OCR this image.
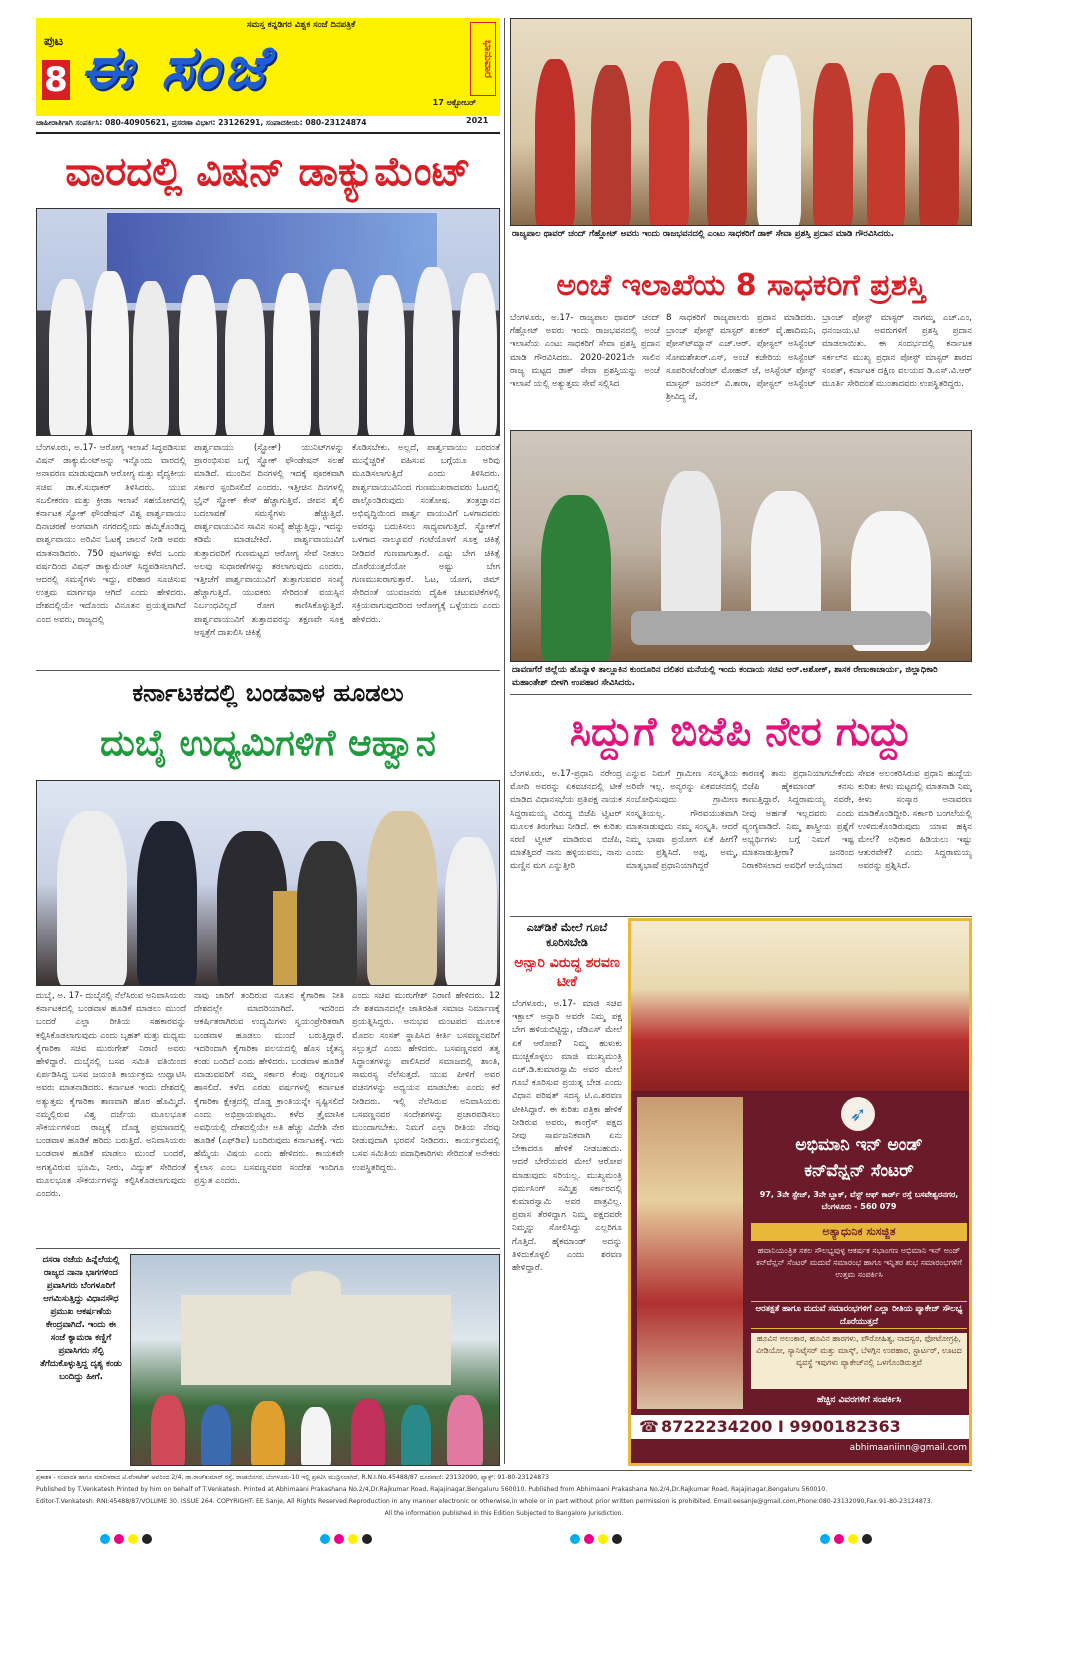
ಸಮಸ್ತ ಕನ್ನಡಿಗರ ವಿಶ್ವಕ ಸಂಜೆ ದಿನಪತ್ರಿಕೆ
ಪುಟ
8 ಈ ಸಂಜೆ	ಭಾನುವಾರ
17 ಅಕ್ಟೋಬರ್
2021
ಜಾಹೀರಾತಿಗಾಗಿ ಸಂಪರ್ಕಿಸಿ: 080-40905621, ಪ್ರಸರಣಾ ವಿಭಾಗ: 23126291, ಸಂಪಾದಕೀಯ: 080-23124874
ವಾರದಲ್ಲಿ ವಿಷನ್ ಡಾಕ್ಯುಮೆಂಟ್
ಬೆಂಗಳೂರು, ಅ.17- ಆರೋಗ್ಯ ಇಲಾಖೆ ಸಿದ್ಧಪಡಿಸುವ ವಿಷನ್ ಡಾಕ್ಯುಮೆಂಟ್‍ಅನ್ನು ಇನ್ನೊಂದು ವಾರದಲ್ಲಿ ಅನಾವರಣ ಮಾಡುವುದಾಗಿ ಆರೋಗ್ಯ ಮತ್ತು ವೈದ್ಯಕೀಯ ಸಚಿವ ಡಾ.ಕೆ.ಸುಧಾಕರ್ ತಿಳಿಸಿದರು. ಯುವ ಸಬಲೀಕರಣ ಮತ್ತು ಕ್ರೀಡಾ ಇಲಾಖೆ ಸಹಯೋಗದಲ್ಲಿ ಕರ್ನಾಟಕ ಸ್ಟ್ರೋಕ್ ಫೌಂಡೇಷನ್ ವಿಶ್ವ ಪಾರ್ಶ್ವವಾಯು ದಿನಾಚರಣೆ ಅಂಗವಾಗಿ ನಗರದಲ್ಲಿಂದು ಹಮ್ಮಿಕೊಂಡಿದ್ದ ಪಾರ್ಶ್ವವಾಯು ಅರಿವಿನ ಓಟಕ್ಕೆ ಚಾಲನೆ ನೀಡಿ ಅವರು ಮಾತನಾಡಿದರು. 750 ಪುಟಗಳಷ್ಟು ಕಳೆದ ಒಂದು ವರ್ಷದಿಂದ ವಿಷನ್ ಡಾಕ್ಯುಮೆಂಟ್ ಸಿದ್ಧಪಡಿಸಲಾಗಿದೆ. ಆದರಲ್ಲಿ ಸಮಸ್ಯೆಗಳು ಇದ್ದು, ಪರಿಹಾರ ಸೂಚಿಸುವ ಉತ್ತಮ ಮಾರ್ಗವೂ ಆಗಿದೆ ಎಂದು ಹೇಳಿದರು. ದೇಶದಲ್ಲಿಯೇ ಇದೊಂದು ವಿನೂತನ ಪ್ರಯತ್ನವಾಗಿದೆ ಎಂದ ಅವರು, ರಾಜ್ಯದಲ್ಲಿ
ಪಾರ್ಶ್ವವಾಯು (ಸ್ಟ್ರೋಕ್) ಯುನಿಟ್‍ಗಳನ್ನು ಪ್ರಾರಂಭಿಸುವ ಬಗ್ಗೆ ಸ್ಟ್ರೋಕ್ ಫೌಂಡೇಷನ್ ಸಲಹೆ ಮಾಡಿದೆ. ಮುಂದಿನ ದಿನಗಳಲ್ಲಿ ಇದಕ್ಕೆ ಪೂರಕವಾಗಿ ಸರ್ಕಾರ ಸ್ಪಂದಿಸಲಿದೆ ಎಂದರು. ಇತ್ತೀಚಿನ ದಿನಗಳಲ್ಲಿ ಬ್ರೈನ್ ಸ್ಟ್ರೋಕ್ ಕೇಸ್ ಹೆಚ್ಚಾಗುತ್ತಿವೆ. ಜೀವನ ಶೈಲಿ ಬದಲಾವಣೆ ಸಮಸ್ಯೆಗಳು ಹೆಚ್ಚುತ್ತಿದೆ. ಪಾರ್ಶ್ವವಾಯುವಿನ ಸಾವಿನ ಸಂಖ್ಯೆ ಹೆಚ್ಚುತ್ತಿದ್ದು, ಇದನ್ನು ಕಡಿಮೆ ಮಾಡಬೇಕಿದೆ. ಪಾರ್ಶ್ವವಾಯುವಿಗೆ ತುತ್ತಾದವರಿಗೆ ಗುಣಮಟ್ಟದ ಆರೋಗ್ಯ ಸೇವೆ ನೀಡಲು ಅಲವು ಸುಧಾರಣೆಗಳನ್ನು ತರಲಾಗುವುದು ಎಂದರು. ಇತ್ತೀಚೆಗೆ ಪಾರ್ಶ್ವವಾಯುವಿಗೆ ತುತ್ತಾಗುವವರ ಸಂಖ್ಯೆ ಹೆಚ್ಚಾಗುತ್ತಿದೆ. ಯುವಕರು ಸೇರಿದಂತೆ ವಯಸ್ಸಿನ ನಿರ್ಬಂಧವಿಲ್ಲದೆ ರೋಗ ಕಾಣಿಸಿಕೊಳ್ಳುತ್ತಿದೆ. ಪಾರ್ಶ್ವವಾಯುವಿಗೆ ತುತ್ತಾದವರನ್ನು ತಕ್ಷಣವೇ ಸೂಕ್ತ ಆಸ್ಪತ್ರೆಗೆ ದಾಖಲಿಸಿ ಚಿಕಿತ್ಸೆ
ಕೊಡಿಸಬೇಕು. ಅಲ್ಲದೆ, ಪಾರ್ಶ್ವವಾಯು ಬರದಂತೆ ಮುನ್ನೆಚ್ಚರಿಕೆ ವಹಿಸುವ ಬಗ್ಗೆಯೂ ಅರಿವು ಮೂಡಿಸಲಾಗುತ್ತಿದೆ ಎಂದು ತಿಳಿಸಿದರು. ಪಾರ್ಶ್ವವಾಯುವಿನಿಂದ ಗುಣಮುಖರಾದವರು ಓಟದಲ್ಲಿ ಪಾಲ್ಗೊಂಡಿರುವುದು ಸಂತೋಷ. ತಂತ್ರಜ್ಞಾನದ ಅಭಿವೃದ್ಧಿಯಿಂದ ಪಾರ್ಶ್ವ ವಾಯುವಿಗೆ ಒಳಗಾದವರು ಅವರನ್ನು ಬದುಕಿಸಲು ಸಾಧ್ಯವಾಗುತ್ತಿದೆ. ಸ್ಟ್ರೋಕ್‍ಗೆ ಒಳಗಾದ ನಾಲ್ಕೂವರೆ ಗಂಟೆಯೊಳಗೆ ಸೂಕ್ತ ಚಿಕಿತ್ಸೆ ನೀಡಿದರೆ ಗುಣವಾಗುತ್ತಾರೆ. ಎಷ್ಟು ಬೇಗ ಚಿಕಿತ್ಸೆ ದೊರೆಯುತ್ತದೆಯೋ ಅಷ್ಟು ಬೇಗ ಗುಣಮುಖರಾಗುತ್ತಾರೆ. ಓಟ, ಯೋಗ, ಜಿಮ್ ಸೇರಿದಂತೆ ಯುವಜನರು ದೈಹಿಕ ಚಟುವಟಿಕೆಗಳಲ್ಲಿ ಸಕ್ರಿಯವಾಗುವುದರಿಂದ ಆರೋಗ್ಯಕ್ಕೆ ಒಳ್ಳೆಯದು ಎಂದು ಹೇಳಿದರು.
ರಾಜ್ಯಪಾಲ ಥಾವರ್ ಚಂದ್ ಗೆಹ್ಲೋಟ್ ಅವರು ಇಂದು ರಾಜಭವನದಲ್ಲಿ ಎಂಟು ಸಾಧಕರಿಗೆ ಡಾಕ್ ಸೇವಾ ಪ್ರಶಸ್ತಿ ಪ್ರದಾನ ಮಾಡಿ ಗೌರವಿಸಿದರು.
ಅಂಚೆ ಇಲಾಖೆಯ 8 ಸಾಧಕರಿಗೆ ಪ್ರಶಸ್ತಿ
ಬೆಂಗಳೂರು, ಅ.17- ರಾಜ್ಯಪಾಲ ಥಾವರ್ ಚಂದ್ ಗೆಹ್ಲೋಟ್ ಅವರು ಇಂದು ರಾಜಭವನದಲ್ಲಿ ಅಂಚೆ ಇಲಾಖೆಯ ಎಂಟು ಸಾಧಕರಿಗೆ ಸೇವಾ ಪ್ರಶಸ್ತಿ ಪ್ರದಾನ ಮಾಡಿ ಗೌರವಿಸಿದರು. 2020-2021ನೇ ಸಾಲಿನ ರಾಜ್ಯ ಮಟ್ಟದ ಡಾಕ್ ಸೇವಾ ಪ್ರಶಸ್ತಿಯನ್ನು ಅಂಚೆ ಇಲಾಖೆ ಯಲ್ಲಿ ಅತ್ಯುತ್ತಮ ಸೇವೆ ಸಲ್ಲಿಸಿದ
8 ಸಾಧಕರಿಗೆ ರಾಜ್ಯಪಾಲರು ಪ್ರದಾನ ಮಾಡಿದರು. ಬ್ರಾಂಚ್ ಪೋಸ್ಟ್ ಮಾಸ್ಟರ್ ಶಂಕರ್ ವೈ.ಹಾದಿಮನಿ, ಪೋಸ್ಟ್‍ಮ್ಯಾನ್ ಎಚ್.ಆರ್. ಪೋಸ್ಟಲ್ ಅಸಿಸ್ಟೆಂಟ್ ಸೋಮಶೇಖರ್.ಎಸ್, ಅಂಚೆ ಕಚೇರಿಯ ಅಸಿಸ್ಟೆಂಟ್ ಸೂಪರಿಂಟೆಂಡೆಂಟ್ ಮೋಹನ್ ಜೆ, ಅಸಿಸ್ಟೆಂಟ್ ಪೋಸ್ಟ್ ಮಾಸ್ಟರ್ ಜನರಲ್ ವಿ.ತಾರಾ, ಪೋಸ್ಟಲ್ ಅಸಿಸ್ಟೆಂಟ್ ಶ್ರೀವಿದ್ಯ ಜೆ,
ಬ್ರಾಂಚ್ ಪೋಸ್ಟ್ ಮಾಸ್ಟರ್ ನಾಗಮ್ಮ ಎಚ್.ಎಂ, ಧನಂಜಯ.ಟಿ ಅವರುಗಳಿಗೆ ಪ್ರಶಸ್ತಿ ಪ್ರದಾನ ಮಾಡಲಾಯಿತು. ಈ ಸಂದರ್ಭದಲ್ಲಿ ಕರ್ನಾಟಕ ಸರ್ಕಲ್‍ನ ಮುಖ್ಯ ಪ್ರಧಾನ ಪೋಸ್ಟ್ ಮಾಸ್ಟರ್ ಶಾರದ ಸಂಪತ್, ಕರ್ನಾಟಕ ದಕ್ಷಿಣ ವಲಯದ ಡಿ.ಎಸ್.ವಿ.ಆರ್ ಮೂರ್ತಿ ಸೇರಿದಂತೆ ಮುಂತಾದವರು ಉಪಸ್ಥಿತರಿದ್ದರು.
ದಾವಣಗೆರೆ ಜಿಲ್ಲೆಯ ಹೊನ್ನಾಳಿ ತಾಲ್ಲೂಕಿನ ಕುಂದೂರಿನ ದಲಿತರ ಮನೆಯಲ್ಲಿ ಇಂದು ಕಂದಾಯ ಸಚಿವ ಆರ್.ಅಶೋಕ್, ಶಾಸಕ ರೇಣುಕಾಚಾರ್ಯ, ಜಿಲ್ಲಾಧಿಕಾರಿ ಮಹಾಂತೇಶ್ ಬೀಳಗಿ ಉಪಹಾರ ಸೇವಿಸಿದರು.
ಕರ್ನಾಟಕದಲ್ಲಿ ಬಂಡವಾಳ ಹೂಡಲು
ದುಬೈ ಉದ್ಯಮಿಗಳಿಗೆ ಆಹ್ವಾನ
ದುಬೈ, ಅ. 17- ದುಬೈನಲ್ಲಿ ನೆಲೆಸಿರುವ ಅನಿವಾಸಿಯರು ಕರ್ನಾಟಕದಲ್ಲಿ ಬಂಡವಾಳ ಹೂಡಿಕೆ ಮಾಡಲು ಮುಂದೆ ಬಂದರೆ ಎಲ್ಲಾ ರೀತಿಯ ಸಹಕಾರವನ್ನು ಕಲ್ಪಿಸಿಕೊಡಲಾಗುವುದು ಎಂದು ಬೃಹತ್ ಮತ್ತು ಮಧ್ಯಮ ಕೈಗಾರಿಕಾ ಸಚಿವ ಮುರುಗೇಶ್ ನಿರಾಣಿ ಅವರು ಹೇಳಿದ್ದಾರೆ. ದುಬೈನಲ್ಲಿ ಬಸವ ಸಮಿತಿ ವತಿಯಿಂದ ಏರ್ಪಡಿಸಿದ್ದ ಬಸವ ಜಯಂತಿ ಕಾರ್ಯಕ್ರಮ ಉದ್ಘಾಟಿಸಿ ಅವರು ಮಾತನಾಡಿದರು. ಕರ್ನಾಟಕ ಇಂದು ದೇಶದಲ್ಲಿ ಅತ್ಯುತ್ತಮ ಕೈಗಾರಿಕಾ ತಾಣವಾಗಿ ಹೊರ ಹೊಮ್ಮಿದೆ. ನಮ್ಮಲ್ಲಿರುವ ವಿಶ್ವ ದರ್ಜೆಯ ಮೂಲಭೂತ ಸೌಕರ್ಯಗಳಿಂದ ರಾಜ್ಯಕ್ಕೆ ದೊಡ್ಡ ಪ್ರಮಾಣದಲ್ಲಿ ಬಂಡವಾಳ ಹೂಡಿಕೆ ಹರಿದು ಬರುತ್ತಿದೆ. ಅನಿವಾಸಿಯರು ಬಂಡವಾಳ ಹೂಡಿಕೆ ಮಾಡಲು ಮುಂದೆ ಬಂದರೆ, ಅಗತ್ಯವಿರುವ ಭೂಮಿ, ನೀರು, ವಿದ್ಯುತ್ ಸೇರಿದಂತೆ ಮೂಲಭೂತ ಸೌಕರ್ಯಗಳನ್ನು ಕಲ್ಪಿಸಿಕೊಡಲಾಗುವುದು ಎಂದರು.
ನಾವು ಜಾರಿಗೆ ತಂದಿರುವ ನೂತನ ಕೈಗಾರಿಕಾ ನೀತಿ ದೇಶದಲ್ಲೇ ಮಾದರಿಯಾಗಿದೆ. ಇದರಿಂದ ಆಕರ್ಷಿತರಾಗಿರುವ ಉದ್ಯಮಿಗಳು ಸ್ವಯಂಪ್ರೇರಿತರಾಗಿ ಬಂಡವಾಳ ಹೂಡಲು ಮುಂದೆ ಬರುತ್ತಿದ್ದಾರೆ. ಇದರಿಂದಾಗಿ ಕೈಗಾರಿಕಾ ವಲಯದಲ್ಲಿ ಹೊಸ ಚೈತನ್ಯ ಕಂಡು ಬಂದಿದೆ ಎಂದು ಹೇಳಿದರು. ಬಂಡವಾಳ ಹೂಡಿಕೆ ಮಾಡುವವರಿಗೆ ನಮ್ಮ ಸರ್ಕಾರ ಕೆಂಪು ರತ್ನಗಂಬಳಿ ಹಾಸಲಿದೆ. ಕಳೆದ ಎರಡು ವರ್ಷಗಳಲ್ಲಿ ಕರ್ನಾಟಕ ಕೈಗಾರಿಕಾ ಕ್ಷೇತ್ರದಲ್ಲಿ ದೊಡ್ಡ ಕ್ರಾಂತಿಯನ್ನೇ ಸೃಷ್ಟಿಸಲಿದೆ ಎಂದು ಅಭಿಪ್ರಾಯಪಟ್ಟರು. ಕಳೆದ ತ್ರೈಮಾಸಿಕ ಅವಧಿಯಲ್ಲಿ ದೇಶದಲ್ಲಿಯೇ ಅತಿ ಹೆಚ್ಚು ವಿದೇಶಿ ನೇರ ಹೂಡಿಕೆ (ಎಫ್‍ಡಿಐ) ಬಂದಿರುವುದು ಕರ್ನಾಟಕಕ್ಕೆ. ಇದು ಹೆಮ್ಮೆಯ ವಿಷಯ ಎಂದು ಹೇಳಿದರು. ಕಾಯಕವೇ ಕೈಲಾಸ ಎಂಬ ಬಸವಣ್ಣನವರ ಸಂದೇಶ ಇಂದಿಗೂ ಪ್ರಸ್ತುತ ಎಂದರು.
ಎಂದು ಸಚಿವ ಮುರುಗೇಶ್ ನಿರಾಣಿ ಹೇಳಿದರು. 12 ನೇ ಶತಮಾನದಲ್ಲೇ ಜಾತಿರಹಿತ ಸಮಾಜ ನಿರ್ಮಾಣಕ್ಕೆ ಪ್ರಯತ್ನಿಸಿದ್ದರು. ಅನುಭವ ಮಂಟಪದ ಮೂಲಕ ಮೊದಲ ಸಂಸತ್ ಸ್ಥಾಪಿಸಿದ ಕೀರ್ತಿ ಬಸವಣ್ಣನವರಿಗೆ ಸಲ್ಲುತ್ತದೆ ಎಂದು ಹೇಳಿದರು. ಬಸವಣ್ಣನವರ ತತ್ವ ಸಿದ್ಧಾಂತಗಳನ್ನು ಪಾಲಿಸಿದರೆ ಸಮಾಜದಲ್ಲಿ ಶಾಂತಿ, ಸಾಮರಸ್ಯ ನೆಲೆಸುತ್ತದೆ. ಯುವ ಪೀಳಿಗೆ ಅವರ ವಚನಗಳನ್ನು ಅಧ್ಯಯನ ಮಾಡಬೇಕು ಎಂದು ಕರೆ ನೀಡಿದರು. ಇಲ್ಲಿ ನೆಲೆಸಿರುವ ಅನಿವಾಸಿಯರು ಬಸವಣ್ಣನವರ ಸಂದೇಶಗಳನ್ನು ಪ್ರಚಾರಪಡಿಸಲು ಮುಂದಾಗಬೇಕು. ನಿಮಗೆ ಎಲ್ಲಾ ರೀತಿಯ ನೆರವು ನೀಡುವುದಾಗಿ ಭರವಸೆ ನೀಡಿದರು. ಕಾರ್ಯಕ್ರಮದಲ್ಲಿ ಬಸವ ಸಮಿತಿಯ ಪದಾಧಿಕಾರಿಗಳು ಸೇರಿದಂತೆ ಅನೇಕರು ಉಪಸ್ಥಿತರಿದ್ದರು.
ಸಿದ್ದುಗೆ ಬಿಜೆಪಿ ನೇರ ಗುದ್ದು
ಬೆಂಗಳೂರು, ಅ.17-ಪ್ರಧಾನಿ ನರೇಂದ್ರ ಮೋದಿ ಅವರನ್ನು ಏಕವಚನದಲ್ಲಿ ಟೀಕೆ ಮಾಡಿದ ವಿಧಾನಸಭೆಯ ಪ್ರತಿಪಕ್ಷ ನಾಯಕ ಸಿದ್ದರಾಮಯ್ಯ ವಿರುದ್ಧ ಬಿಜೆಪಿ ಟ್ವಿಟರ್ ಮೂಲಕ ತಿರುಗೇಟು ನೀಡಿದೆ. ಈ ಕುರಿತು ಸರಣಿ ಟ್ವೀಟ್ ಮಾಡಿರುವ ಬಿಜೆಪಿ, ಮಾತೆತ್ತಿದರೆ ನಾನು ಹಳ್ಳಿಯವನು, ನಾನು ಮಣ್ಣಿನ ಮಗ ಎನ್ನುತ್ತೀರಿ
ಎನ್ನುವ ನಿಮಗೆ ಗ್ರಾಮೀಣ ಸಂಸ್ಕೃತಿಯ ಅರಿವೇ ಇಲ್ಲ. ಅನ್ಯರನ್ನು ಏಕವಚನದಲ್ಲಿ ಸಂಬೋಧಿಸುವುದು ಗ್ರಾಮೀಣ ಸಂಸ್ಕೃತಿಯಲ್ಲ. ಗೌರವಯುತವಾಗಿ ಮಾತನಾಡುವುದು ನಮ್ಮ ಸಂಸ್ಕೃತಿ. ಆದರೆ ನಿಮ್ಮ ಭಾಷಾ ಪ್ರಯೋಗ ಏಕೆ ಹೀಗೆ? ಎಂದು ಪ್ರಶ್ನಿಸಿದೆ. ಅಪ್ಪ, ಅಮ್ಮ, ಮಾತೃಭಾಷೆ ಪ್ರಧಾನಿಯಾಗಿದ್ದರೆ
ಕಾರಣಕ್ಕೆ ತಾನು ಪ್ರಧಾನಿಯಾಗಬೇಕೆಂದು ಬಿಜೆಪಿ ಹೈಕಮಾಂಡ್ ಕನಸು ಕಾಣುತ್ತಿದ್ದಾರೆ. ಸಿದ್ದರಾಮಯ್ಯ ನವರೇ, ನೀವು ಅರ್ಹತೆ ಇಲ್ಲದವರು ಎಂದು ವ್ಯಂಗ್ಯವಾಡಿದೆ. ನಿಮ್ಮ ಶಾಸ್ತ್ರೀಯ ಪ್ರಶ್ನೆಗೆ ಅಭ್ಯರ್ಥಿಗಳು ಬಗ್ಗೆ ನಿಮಗೆ ಇಷ್ಟ ಮಾತನಾಡುತ್ತೀರಾ? ಜನರಿಂದ ನಿರಾಕರಿಸಲಾದ ಅವಧಿಗೆ ಆಯ್ಕೆಯಾದ
ಸೇವಕ ಅಲಂಕರಿಸಿರುವ ಪ್ರಧಾನಿ ಹುದ್ದೆಯ ಕುರಿತು ಕೀಳು ಮಟ್ಟದಲ್ಲಿ ಮಾತನಾಡಿ ನಿಮ್ಮ ಕೀಳು ಸಂಸ್ಕಾರ ಅನಾವರಣ ಮಾಡಿಕೊಂಡಿದ್ದೀರಿ. ಸರ್ಕಾರಿ ಬಂಗಲೆಯಲ್ಲಿ ಉಳಿದುಕೊಂಡಿರುವುದು ಯಾವ ಹಕ್ಕಿನ ಮೇಲೆ? ಅಧಿಕಾರ ಹಿಡಿಯಲು ಇಷ್ಟು ಆತುರವೇಕೆ? ಎಂದು ಸಿದ್ದರಾಮಯ್ಯ ಅವರನ್ನು ಪ್ರಶ್ನಿಸಿದೆ.
ಎಚ್‍ಡಿಕೆ ಮೇಲೆ ಗೂಬೆ ಕೂರಿಸಬೇಡಿ
ಅನ್ಸಾರಿ ವಿರುದ್ಧ ಶರವಣ ಟೀಕೆ
ಬೆಂಗಳೂರು, ಅ.17- ಮಾಜಿ ಸಚಿವ ಇಕ್ಬಾಲ್ ಅನ್ಸಾರಿ ಅವರೇ ನಿಮ್ಮ ಪಕ್ಷ ಬೇಗ ಹಳಿಯಬಿಟ್ಟಿದ್ದು, ಜೆಡಿಎಸ್ ಮೇಲೆ ಏಕೆ ಆರೋಪ? ನಿಮ್ಮ ಹುಳುಕು ಮುಚ್ಚಿಕೊಳ್ಳಲು ಮಾಜಿ ಮುಖ್ಯಮಂತ್ರಿ ಎಚ್.ಡಿ.ಕುಮಾರಸ್ವಾಮಿ ಅವರ ಮೇಲೆ ಗೂಬೆ ಕೂರಿಸುವ ಪ್ರಯತ್ನ ಬೇಡ ಎಂದು ವಿಧಾನ ಪರಿಷತ್ ಸದಸ್ಯ ಟಿ.ಎ.ಶರವಣ ಟೀಕಿಸಿದ್ದಾರೆ. ಈ ಕುರಿತು ಪತ್ರಿಕಾ ಹೇಳಿಕೆ ನೀಡಿರುವ ಅವರು, ಕಾಂಗ್ರೆಸ್ ಪಕ್ಷದ ನೀವು ಸಾರ್ವಜನಿಕವಾಗಿ ಏನು ಬೇಕಾದರೂ ಹೇಳಿಕೆ ನೀಡಬಹುದು. ಆದರೆ ಬೇರೆಯವರ ಮೇಲೆ ಆರೋಪ ಮಾಡುವುದು ಸರಿಯಲ್ಲ. ಮುಖ್ಯಮಂತ್ರಿ ಧರ್ಮಸಿಂಗ್ ಸಮ್ಮಿಶ್ರ ಸರ್ಕಾರದಲ್ಲಿ ಕುಮಾರಸ್ವಾಮಿ ಅವರ ಪಾತ್ರವಿಲ್ಲ. ಪ್ರವಾಸ ತೆರಳಿದ್ದಾಗ ನಿಮ್ಮ ಪಕ್ಷದವರೇ ನಿಮ್ಮನ್ನು ಸೋಲಿಸಿದ್ದು ಎಲ್ಲರಿಗೂ ಗೊತ್ತಿದೆ. ಹೈಕಮಾಂಡ್ ಅದನ್ನು ತಿಳಿದುಕೊಳ್ಳಲಿ ಎಂದು ಶರವಣ ಹೇಳಿದ್ದಾರೆ.
ದಸರಾ ರಜೆಯ ಹಿನ್ನೆಲೆಯಲ್ಲಿ ರಾಜ್ಯದ ನಾನಾ ಭಾಗಗಳಿಂದ ಪ್ರವಾಸಿಗರು ಬೆಂಗಳೂರಿಗೆ ಆಗಮಿಸುತ್ತಿದ್ದು ವಿಧಾನಸೌಧ ಪ್ರಮುಖ ಆಕರ್ಷಣೆಯ ಕೇಂದ್ರವಾಗಿದೆ. ಇಂದು ಈ ಸಂಜೆ ಕ್ಯಾಮರಾ ಕಣ್ಣಿಗೆ ಪ್ರವಾಸಿಗರು ಸೆಲ್ಫಿ ತೆಗೆದುಕೊಳ್ಳುತ್ತಿದ್ದ ದೃಶ್ಯ ಕಂಡು ಬಂದಿದ್ದು ಹೀಗೆ.
➶
ಅಭಿಮಾನಿ ಇನ್ ಅಂಡ್
ಕನ್‍ವೆನ್ಷನ್ ಸೆಂಟರ್
97, 3ನೇ ಸ್ಟೇಜ್, 3ನೇ ಬ್ಲಾಕ್, ವೆಸ್ಟ್ ಆಫ್ ಕಾರ್ಡ್ ರಸ್ತೆ ಬಸವೇಶ್ವರನಗರ, ಬೆಂಗಳೂರು - 560 079
ಅತ್ಯಾಧುನಿಕ ಸುಸಜ್ಜಿತ
ಹವಾನಿಯಂತ್ರಿತ ಸಕಲ ಸೌಲಭ್ಯವುಳ್ಳ ಆಕರ್ಷಕ ಸಭಾಂಗಣ ಅಭಿಮಾನಿ ಇನ್ ಅಂಡ್ ಕನ್‍ವೆನ್ಷನ್ ಸೆಂಟರ್ ಮದುವೆ ಸಮಾರಂಭ ಹಾಗೂ ಇನ್ನಿತರ ಶುಭ ಸಮಾರಂಭಗಳಿಗೆ ಉತ್ತಮ ಸಂಪರ್ಕಿಸಿ
ಆರತಕ್ಷತೆ ಹಾಗೂ ಮದುವೆ ಸಮಾರಂಭಗಳಿಗೆ ಎಲ್ಲಾ ರೀತಿಯ ಪ್ಯಾಕೇಜ್ ಸೌಲಭ್ಯ ದೊರೆಯುತ್ತದೆ
ಹೂವಿನ ಅಲಂಕಾರ, ಹೂವಿನ ಹಾರಗಳು, ಪೌರೋಹಿತ್ಯ, ನಾದಸ್ವರ, ಫೋಟೋಗ್ರಫಿ, ವೀಡಿಯೋ, ಸ್ಯಾನಿಟೈಸರ್ ಮತ್ತು ಮಾಸ್ಕ್, ಬೆಳಗ್ಗಿನ ಉಪಹಾರ, ಸ್ಟಾರ್ಟರ್, ಊಟದ ವ್ಯವಸ್ಥೆ ಇವುಗಳು ಪ್ಯಾಕೇಜ್‍ನಲ್ಲಿ ಒಳಗೊಂಡಿರುತ್ತವೆ
ಹೆಚ್ಚಿನ ವಿವರಗಳಿಗೆ ಸಂಪರ್ಕಿಸಿ
☎ 8722234200 I 9900182363
abhimaaniinn@gmail.com
ಪ್ರಕಾಶಕ - ಸಂಪಾದಕ ಹಾಗೂ ಮಾಲೀಕರಾದ ಟಿ.ವೆಂಕಟೇಶ್ ಅವರಿಂದ 2/4, ಡಾ.ರಾಜ್‍ಕುಮಾರ್ ರಸ್ತೆ, ರಾಜಾಜಿನಗರ, ಬೆಂಗಳೂರು-10 ಇಲ್ಲಿ ಪ್ರಕಟಿಸಿ ಮುದ್ರಿಸಲಾಗಿದೆ. R.N.I.No.45488/87 ದೂರವಾಣಿ: 23132090, ಫ್ಯಾಕ್ಸ್: 91-80-23124873
Published by T.Venkatesh Printed by him on behalf of T.Venkatesh. Printed at Abhimaani Prakashana No.2/4,Dr.Rajkumar Road, Rajajinagar,Bengaluru 560010. Published from Abhimaani Prakashana No.2/4,Dr.Rajkumar Road, Rajajinagar,Bengaluru 560010.
Editor-T.Venkatesh. RNI:45488/87/VOLUME 30. ISSUE 264. COPYRIGHT: EE Sanje, All Rights Reserved.Reproduction in any manner electronic or otherwise,in whole or in part without prior written permission is prohibited. Email:eesanje@gmail.com,Phone:080-23132090,Fax:91-80-23124873.
All the information published in this Edition Subjected to Bangalore Jurisdiction.
